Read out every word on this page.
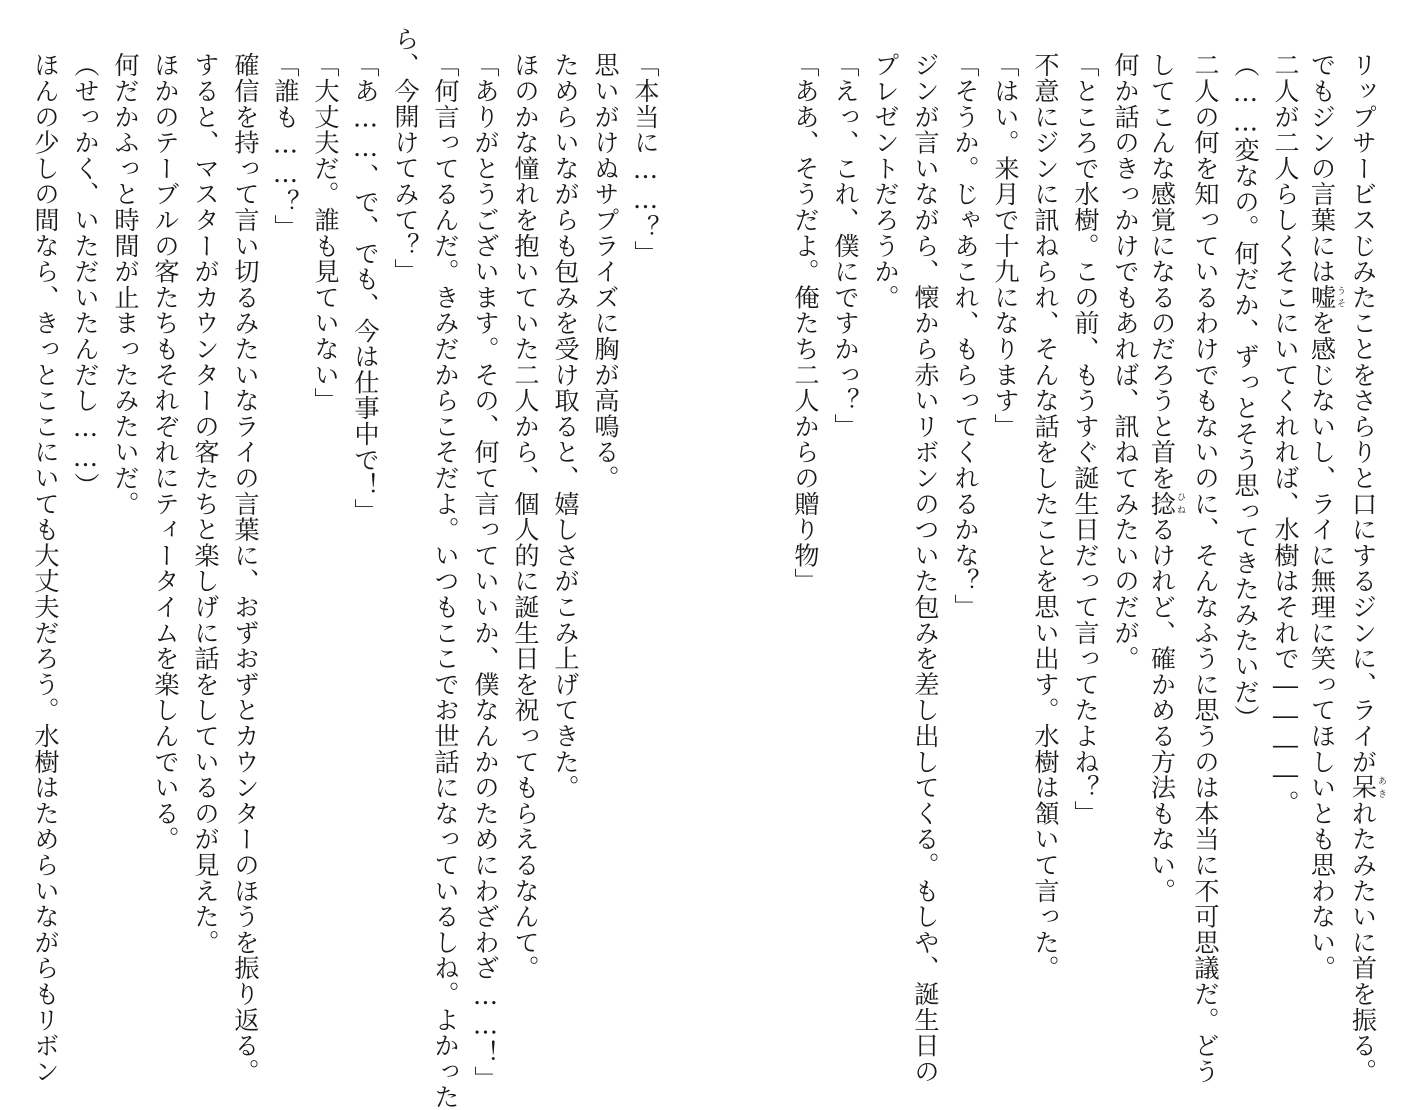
リップサービスじみたことをさらりと口にするジンに、ライが呆あきれたみたいに首を振る。

でもジンの言葉には嘘うそを感じないし、ライに無理に笑ってほしいとも思わない。

二人が二人らしくそこにいてくれれば、水樹はそれで――――。

（……変なの。何だか、ずっとそう思ってきたみたいだ）

二人の何を知っているわけでもないのに、そんなふうに思うのは本当に不可思議だ。どう

してこんな感覚になるのだろうと首を捻ひねるけれど、確かめる方法もない。

何か話のきっかけでもあれば、訊ねてみたいのだが。

「ところで水樹。この前、もうすぐ誕生日だって言ってたよね？」

不意にジンに訊ねられ、そんな話をしたことを思い出す。水樹は頷いて言った。

「はい。来月で十九になります」

「そうか。じゃあこれ、もらってくれるかな？」

ジンが言いながら、懐から赤いリボンのついた包みを差し出してくる。もしや、誕生日の

プレゼントだろうか。

「えっ、これ、僕にですかっ？」

「ああ、そうだよ。俺たち二人からの贈り物」

「本当に……？」

思いがけぬサプライズに胸が高鳴る。

ためらいながらも包みを受け取ると、嬉しさがこみ上げてきた。

ほのかな憧れを抱いていた二人から、個人的に誕生日を祝ってもらえるなんて。

「ありがとうございます。その、何て言っていいか、僕なんかのためにわざわざ……！」

「何言ってるんだ。きみだからこそだよ。いつもここでお世話になっているしね。よかった

ら、今開けてみて？」

「あ……、で、でも、今は仕事中で！」

「大丈夫だ。誰も見ていない」

「誰も……？」

確信を持って言い切るみたいなライの言葉に、おずおずとカウンターのほうを振り返る。

すると、マスターがカウンターの客たちと楽しげに話をしているのが見えた。

ほかのテーブルの客たちもそれぞれにティータイムを楽しんでいる。

何だかふっと時間が止まったみたいだ。

（せっかく、いただいたんだし……）

ほんの少しの間なら、きっとここにいても大丈夫だろう。水樹はためらいながらもリボン
